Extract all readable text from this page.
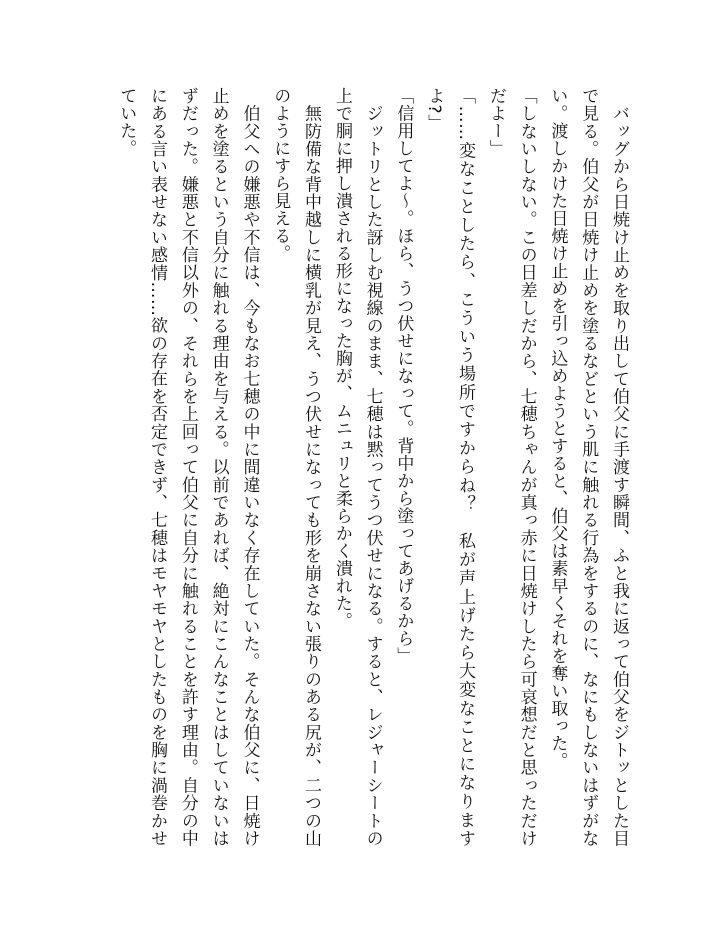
　バッグから日焼け止めを取り出して伯父に手渡す瞬間、ふと我に返って伯父をジトッとした目
で見る。伯父が日焼け止めを塗るなどという肌に触れる行為をするのに、なにもしないはずがな
い。渡しかけた日焼け止めを引っ込めようとすると、伯父は素早くそれを奪い取った。
「しないしない。この日差しだから、七穂ちゃんが真っ赤に日焼けしたら可哀想だと思っただけ
だよー」
「……変なことしたら、こういう場所ですからね？　私が声上げたら大変なことになります
よ?」
「信用してよ〜。ほら、うつ伏せになって。背中から塗ってあげるから」
　ジットリとした訝しむ視線のまま、七穂は黙ってうつ伏せになる。すると、レジャーシートの
上で胴に押し潰される形になった胸が、ムニュリと柔らかく潰れた。
　無防備な背中越しに横乳が見え、うつ伏せになっても形を崩さない張りのある尻が、二つの山
のようにすら見える。
　伯父への嫌悪や不信は、今もなお七穂の中に間違いなく存在していた。そんな伯父に、日焼け
止めを塗るという自分に触れる理由を与える。以前であれば、絶対にこんなことはしていないは
ずだった。嫌悪と不信以外の、それらを上回って伯父に自分に触れることを許す理由。自分の中
にある言い表せない感情……欲の存在を否定できず、七穂はモヤモヤとしたものを胸に渦巻かせ
ていた。
